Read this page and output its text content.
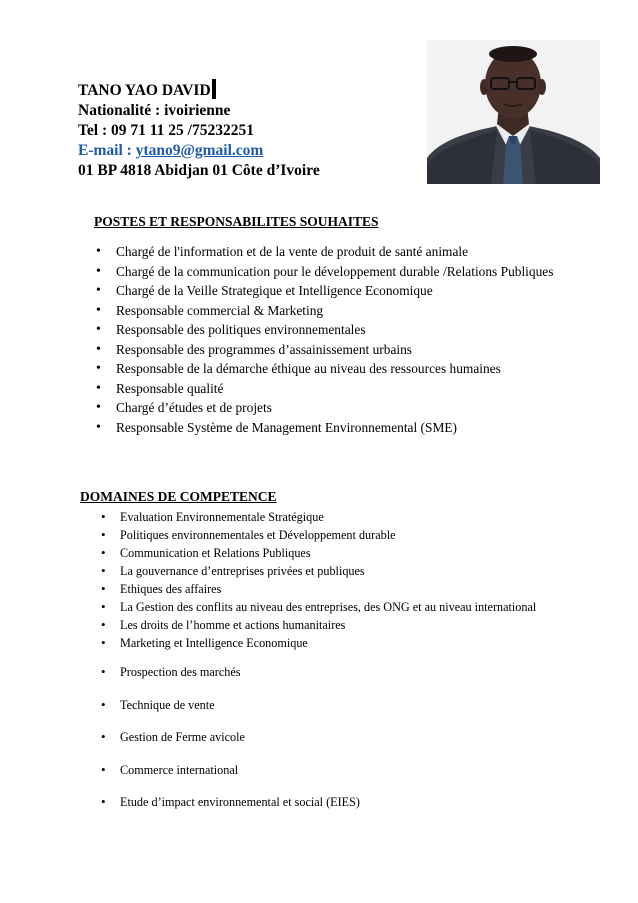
TANO YAO DAVID
Nationalité : ivoirienne
Tel : 09 71 11 25 /75232251
E-mail : ytano9@gmail.com
01 BP 4818 Abidjan 01 Côte d’Ivoire
POSTES ET RESPONSABILITES SOUHAITES
• Chargé de l'information et de la vente de produit de santé animale
• Chargé de la communication pour le développement durable /Relations Publiques
• Chargé de la Veille Strategique et Intelligence Economique
• Responsable commercial & Marketing
• Responsable des politiques environnementales
• Responsable des programmes d’assainissement urbains
• Responsable de la démarche éthique au niveau des ressources humaines
• Responsable qualité
• Chargé d’études et de projets
• Responsable Système de Management Environnemental (SME)
DOMAINES DE COMPETENCE
• Evaluation Environnementale Stratégique
• Politiques environnementales et Développement durable
• Communication et Relations Publiques
• La gouvernance d’entreprises privées et publiques
• Ethiques des affaires
• La Gestion des conflits au niveau des entreprises, des ONG et au niveau international
• Les droits de l’homme et actions humanitaires
• Marketing et Intelligence Economique
• Prospection des marchés
• Technique de vente
• Gestion de Ferme avicole
• Commerce international
• Etude d’impact environnemental et social (EIES)
